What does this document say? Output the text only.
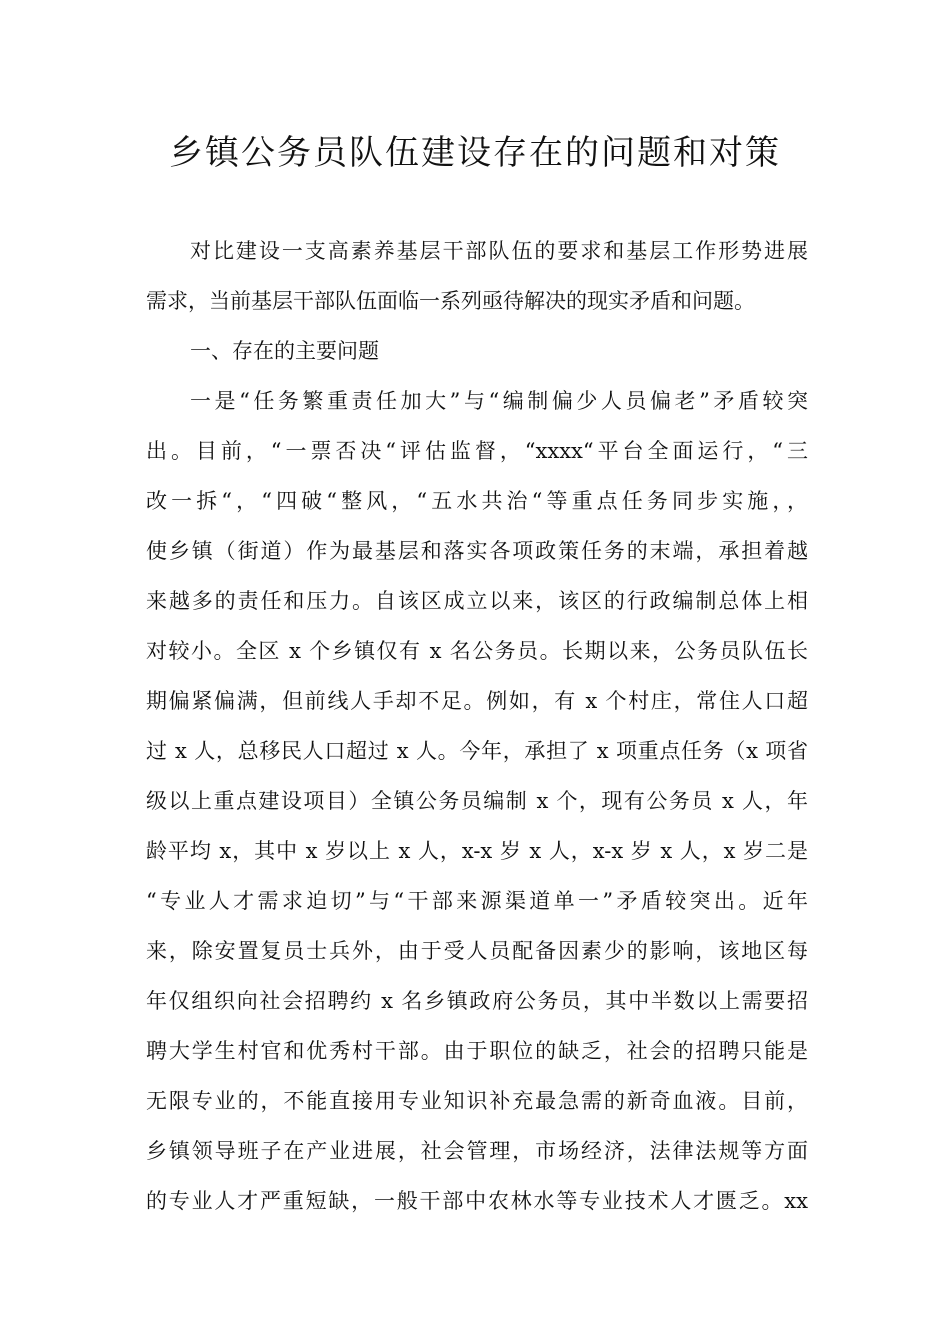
乡镇公务员队伍建设存在的问题和对策
对比建设一支高素养基层干部队伍的要求和基层工作形势进展
需求，当前基层干部队伍面临一系列亟待解决的现实矛盾和问题。
一、存在的主要问题
一是“任务繁重责任加大”与“编制偏少人员偏老”矛盾较突
出。目前，“一票否决“评估监督，“xxxx“平台全面运行，“三
改一拆“，“四破“整风，“五水共治“等重点任务同步实施，，
使乡镇（街道）作为最基层和落实各项政策任务的末端，承担着越
来越多的责任和压力。自该区成立以来，该区的行政编制总体上相
对较小。全区 x 个乡镇仅有 x 名公务员。长期以来，公务员队伍长
期偏紧偏满，但前线人手却不足。例如，有 x 个村庄，常住人口超
过 x 人，总移民人口超过 x 人。今年，承担了 x 项重点任务（x 项省
级以上重点建设项目）全镇公务员编制 x 个，现有公务员 x 人，年
龄平均 x，其中 x 岁以上 x 人，x-x 岁 x 人，x-x 岁 x 人，x 岁二是
“专业人才需求迫切”与“干部来源渠道单一”矛盾较突出。近年
来，除安置复员士兵外，由于受人员配备因素少的影响，该地区每
年仅组织向社会招聘约 x 名乡镇政府公务员，其中半数以上需要招
聘大学生村官和优秀村干部。由于职位的缺乏，社会的招聘只能是
无限专业的，不能直接用专业知识补充最急需的新奇血液。目前，
乡镇领导班子在产业进展，社会管理，市场经济，法律法规等方面
的专业人才严重短缺，一般干部中农林水等专业技术人才匮乏。xx
